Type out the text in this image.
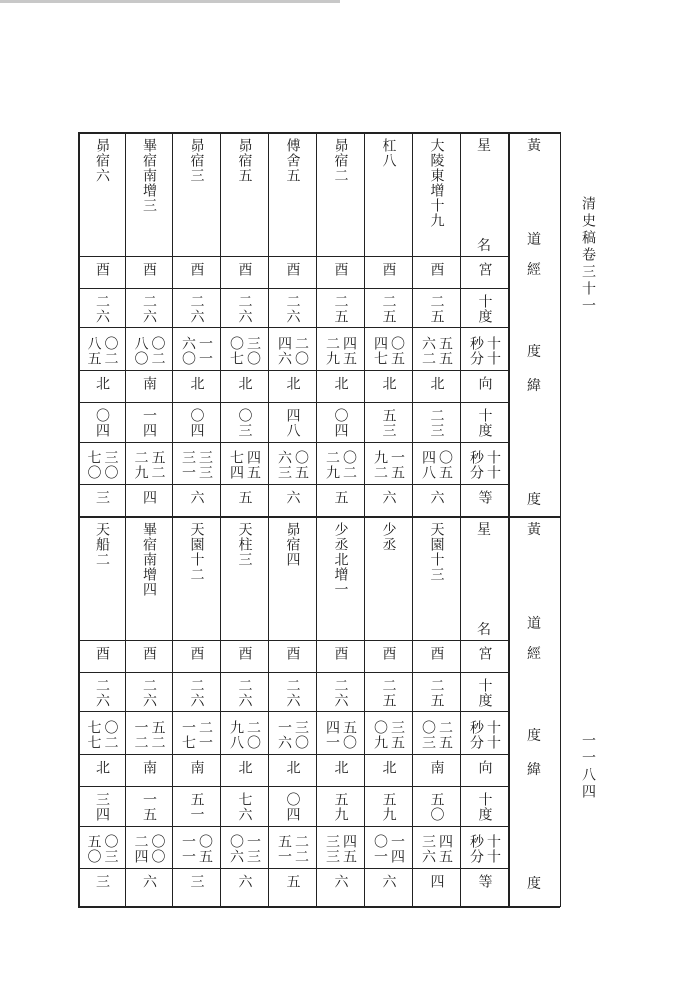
清史稿卷三十一
一一八四
大陵東增十九
酉
二五
五五六二
北
二三
〇五四八
六
杠八
酉
二五
〇五四七
北
五三
一五九二
六
昴宿二
酉
二五
四五二九
北
〇四
〇二二九
五
傅舍五
酉
二六
二〇四六
北
四八
〇五六三
六
昴宿五
酉
二六
三〇〇七
北
〇三
四五七四
五
昴宿三
酉
二六
一一六〇
北
〇四
三三三一
六
畢宿南增三
酉
二六
〇二八〇
南
一四
五二二九
四
昴宿六
酉
二六
〇二八五
北
〇四
三〇七〇
三
星
名
宮
十度
十十秒分
向
十度
十十秒分
等
黃
道
經
度
緯
度
天園十三
酉
二五
二五〇三
南
五〇
四五三六
四
少丞
酉
二五
三五〇九
北
五九
一四〇一
六
少丞北增一
酉
二六
五〇四一
北
五九
四五三三
六
昴宿四
酉
二六
三〇一六
北
〇四
二二五一
五
天柱三
酉
二六
二〇九八
北
七六
一三〇六
六
天園十二
酉
二六
二一一七
南
五一
〇五一一
三
畢宿南增四
酉
二六
五二一二
南
一五
〇〇二四
六
天船二
酉
二六
〇二七七
北
三四
〇三五〇
三
星
名
宮
十度
十十秒分
向
十度
十十秒分
等
黃
道
經
度
緯
度
